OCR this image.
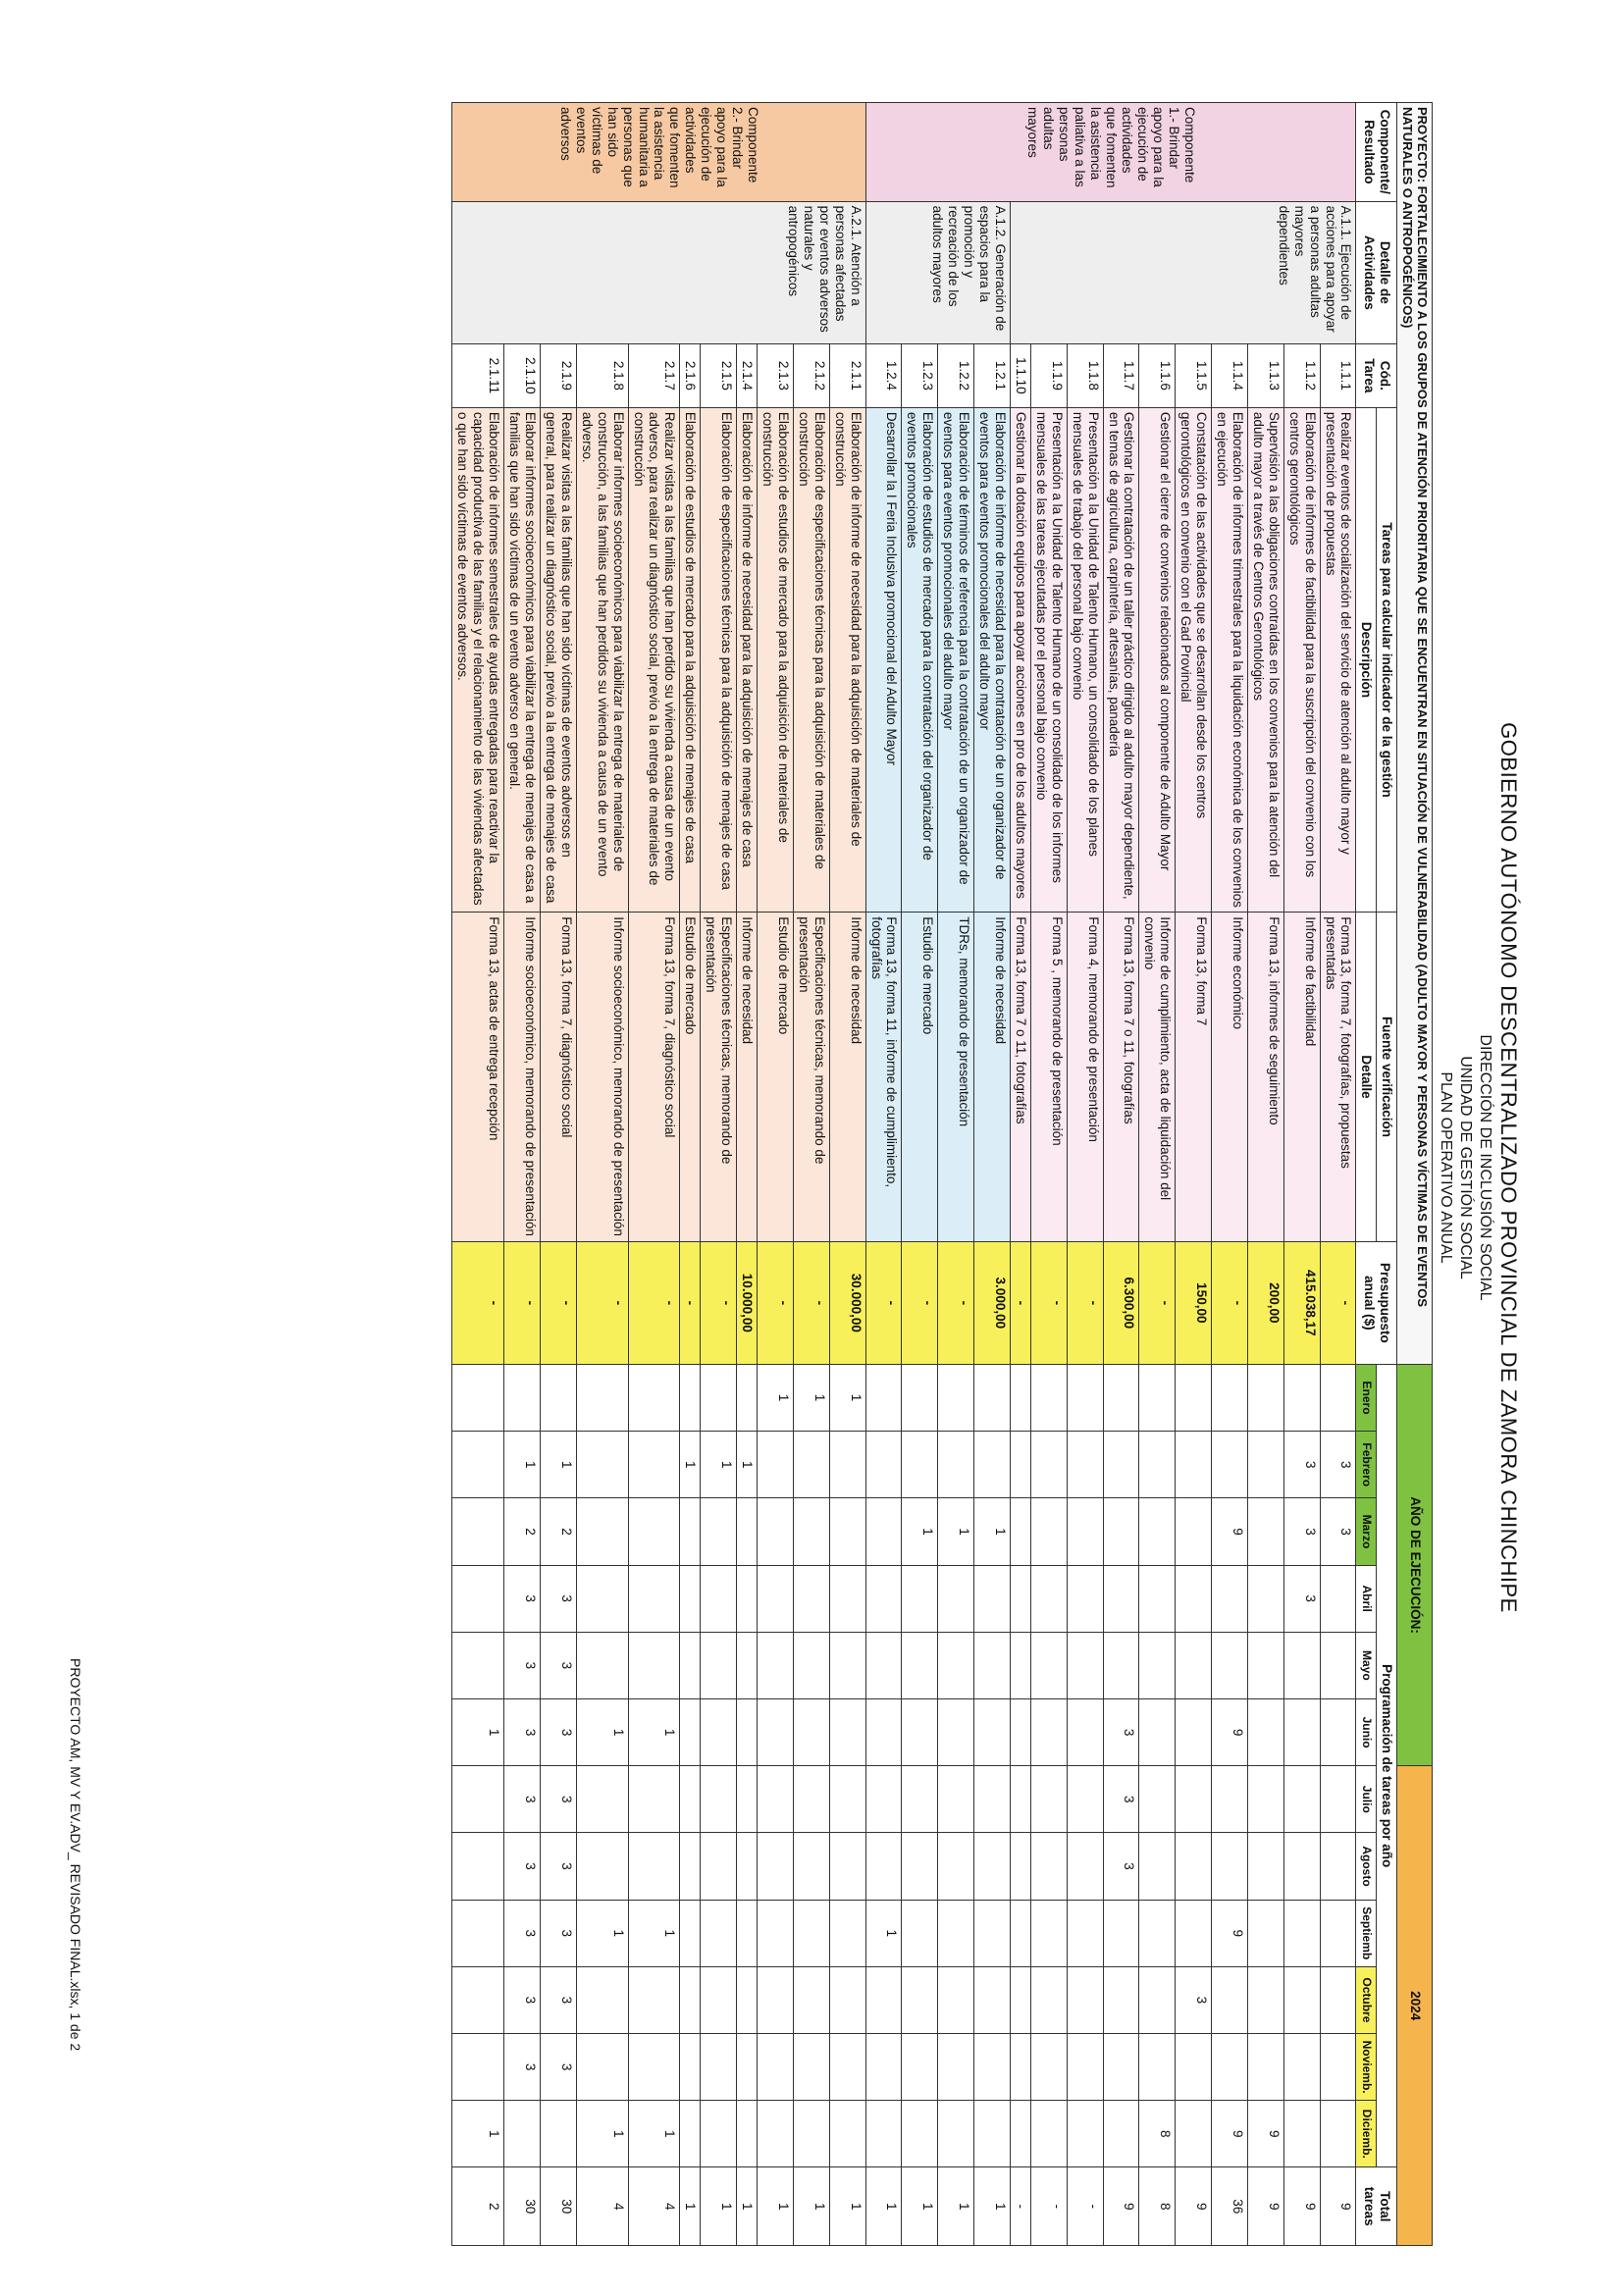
GOBIERNO AUTÓNOMO DESCENTRALIZADO PROVINCIAL DE ZAMORA CHINCHIPE
DIRECCIÓN DE INCLUSIÓN SOCIAL
UNIDAD DE GESTIÓN SOCIAL
PLAN OPERATIVO ANUAL
PROYECTO: FORTALECIMIENTO A LOS GRUPOS DE ATENCIÓN PRIORITARIA QUE SE ENCUENTRAN EN SITUACIÓN DE VULNERABILIDAD (ADULTO MAYOR Y PERSONAS VÍCTIMAS DE EVENTOS NATURALES O ANTROPOGÉNICOS)						AÑO DE EJECUCIÓN:						2024						
Componente/ Resultado	Detalle de Actividades	Cód. Tarea	Tareas para calcular indicador de la gestión	Fuente verificación	Presupuesto anual ($)	Programación de tareas por año												Total tareas
			Descripción	Detalle		Enero	Febrero	Marzo	Abril	Mayo	Junio	Julio	Agosto	Septiemb	Octubre	Noviemb.	Diciemb.	
Componente 1.- Brindar apoyo para la ejecución de actividades que fomenten la asistencia paliativa a las personas adultas mayores	A.1.1. Ejecución de acciones para apoyar a personas adultas mayores dependientes	1.1.1	Realizar eventos de socialización del servicio de atención al adulto mayor y presentación de propuestas	Forma 13, forma 7, fotografías, propuestas presentadas	-		3	3										9
		1.1.2	Elaboración de informes de factibilidad para la suscripción del convenio con los centros gerontológicos	Informe de factibilidad	415.038,17		3	3	3									9
		1.1.3	Supervisión a las obligaciones contraídas en los convenios para la atención del adulto mayor a través de Centros Gerontológicos	Forma 13, informes de seguimiento	200,00												9	9
		1.1.4	Elaboración de informes trimestrales para la liquidación económica de los convenios en ejecución	Informe económico	-			9			9			9			9	36
		1.1.5	Constatación de las actividades que se desarrollan desde los centros gerontológicos en convenio con el Gad Provincial	Forma 13, forma 7	150,00										3			9
		1.1.6	Gestionar el cierre de convenios relacionados al componente de Adulto Mayor	Informe de cumplimiento, acta de liquidación del convenio	-												8	8
		1.1.7	Gestionar la contratación de un taller práctico dirigido al adulto mayor dependiente, en temas de agricultura, carpintería, artesanías, panadería	Forma 13, forma 7 o 11, fotografías	6.300,00						3	3	3					9
		1.1.8	Presentación a la Unidad de Talento Humano, un consolidado de los planes mensuales de trabajo del personal bajo convenio	Forma 4, memorando de presentación	-													-
		1.1.9	Presentación a la Unidad de Talento Humano de un consolidado de los informes mensuales de las tareas ejecutadas por el personal bajo convenio	Forma 5 , memorando de presentación	-													-
		1.1.10	Gestionar la dotación equipos para apoyar acciones en pro de los adultos mayores	Forma 13, forma 7 o 11, fotografías	-													-
	A.1.2. Generación de espacios para la promoción y recreación de los adultos mayores	1.2.1	Elaboración de informe de necesidad para la contratación de un organizador de eventos para eventos promocionales del adulto mayor	Informe de necesidad	3.000,00			1										1
		1.2.2	Elaboración de términos de referencia para la contratación de un organizador de eventos para eventos promocionales del adulto mayor	TDRs, memorando de presentación	-			1										1
		1.2.3	Elaboración de estudios de mercado para la contratación del organizador de eventos promocionales	Estudio de mercado	-			1										1
		1.2.4	Desarrollar la I Feria Inclusiva promocional del Adulto Mayor	Forma 13, forma 11, informe de cumplimiento, fotografías	-									1				1
Componente 2.- Brindar apoyo para la ejecución de actividades que fomenten la asistencia humanitaria a personas que han sido víctimas de eventos adversos	A.2.1. Atención a personas afectadas por eventos adversos naturales y antropogénicos	2.1.1	Elaboración de informe de necesidad para la adquisición de materiales de construcción	Informe de necesidad	30.000,00	1												1
		2.1.2	Elaboración de especificaciones técnicas para la adquisición de materiales de construcción	Especificaciones técnicas, memorando de presentación	-	1												1
		2.1.3	Elaboración de estudios de mercado para la adquisición de materiales de construcción	Estudio de mercado	-	1												1
		2.1.4	Elaboración de informe de necesidad para la adquisición de menajes de casa	Informe de necesidad	10.000,00		1											1
		2.1.5	Elaboración de especificaciones técnicas para la adquisición de menajes de casa	Especificaciones técnicas, memorando de presentación	-		1											1
		2.1.6	Elaboración de estudios de mercado para la adquisición de menajes de casa	Estudio de mercado	-		1											1
		2.1.7	Realizar visitas a las familias que han perdido su vivienda a causa de un evento adverso, para realizar un diagnóstico social, previo a la entrega de materiales de construcción	Forma 13, forma 7, diagnóstico social	-						1			1			1	4
		2.1.8	Elaborar informes socioeconómicos para viabilizar la entrega de materiales de construcción, a las familias que han perdidos su vivienda a causa de un evento adverso.	Informe socioeconómico, memorando de presentación	-						1			1			1	4
		2.1.9	Realizar visitas a las familias que han sido víctimas de eventos adversos en general, para realizar un diagnóstico social, previo a la entrega de menajes de casa	Forma 13, forma 7, diagnóstico social	-		1	2	3	3	3	3	3	3	3	3		30
		2.1.10	Elaborar informes socioeconómicos para viabilizar la entrega de menajes de casa a familias que han sido víctimas de un evento adverso en general.	Informe socioeconómico, memorando de presentación	-		1	2	3	3	3	3	3	3	3	3		30
		2.1.11	Elaboración de informes semestrales de ayudas entregadas para reactivar la capacidad productiva de las familias y el relacionamiento de las viviendas afectadas o que han sido víctimas de eventos adversos.	Forma 13, actas de entrega recepción	-						1						1	2
PROYECTO AM, MV Y EV.ADV_ REVISADO FINAL.xlsx, 1 de 2
